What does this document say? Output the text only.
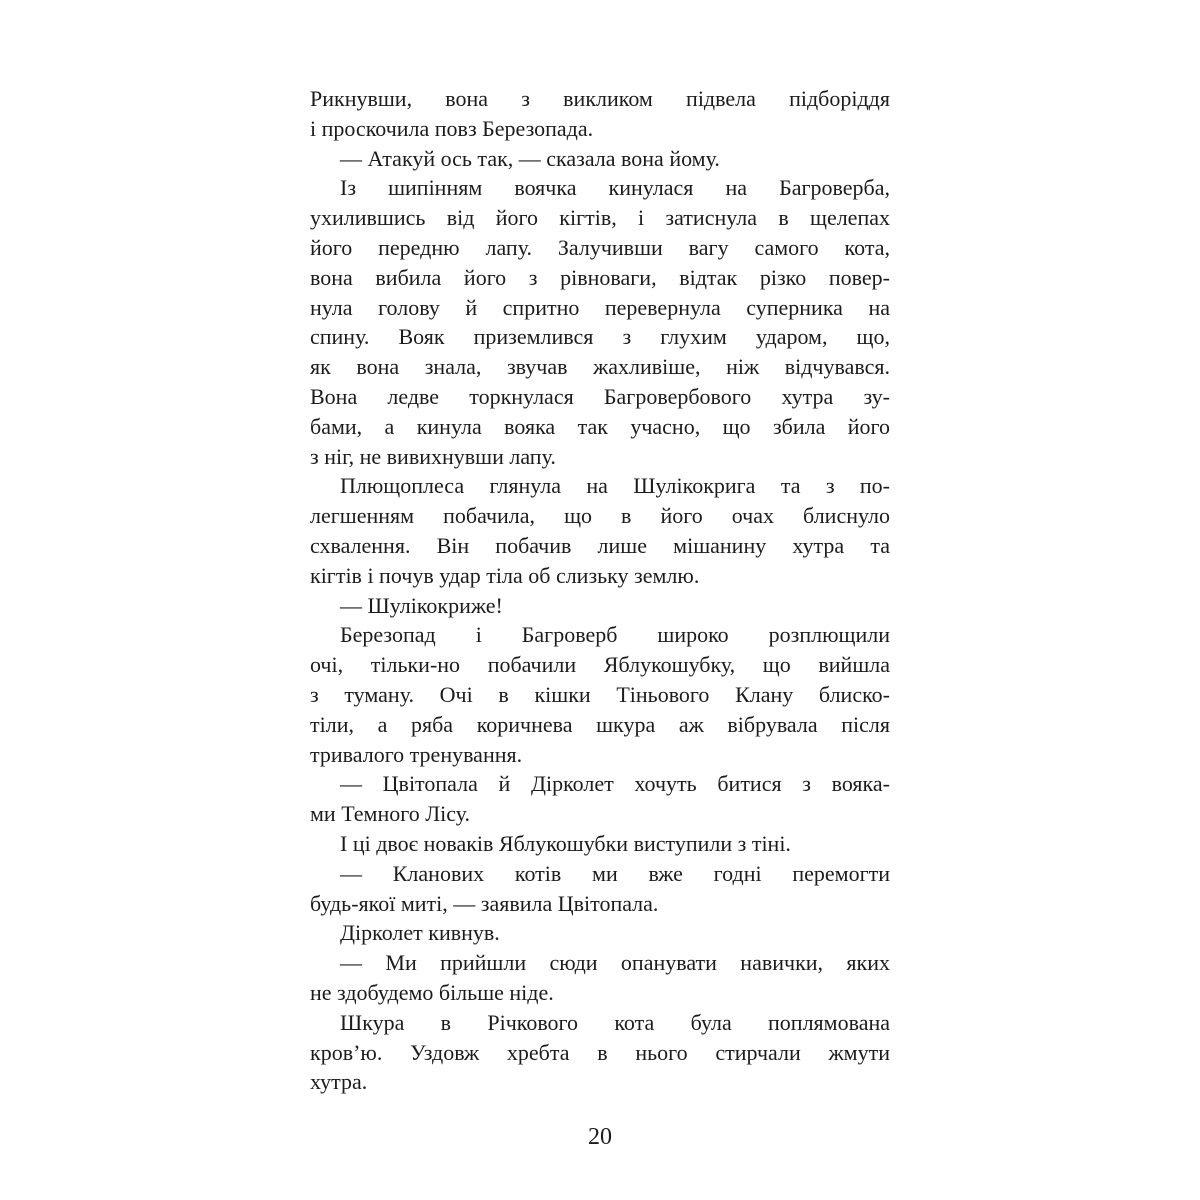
Рикнувши, вона з викликом підвела підборіддя
і проскочила повз Березопада.
— Атакуй ось так, — сказала вона йому.
Із шипінням воячка кинулася на Багроверба,
ухилившись від його кігтів, і затиснула в щелепах
його передню лапу. Залучивши вагу самого кота,
вона вибила його з рівноваги, відтак різко повер-
нула голову й спритно перевернула суперника на
спину. Вояк приземлився з глухим ударом, що,
як вона знала, звучав жахливіше, ніж відчувався.
Вона ледве торкнулася Багровербового хутра зу-
бами, а кинула вояка так учасно, що збила його
з ніг, не вивихнувши лапу.
Плющоплеса глянула на Шулікокрига та з по-
легшенням побачила, що в його очах блиснуло
схвалення. Він побачив лише мішанину хутра та
кігтів і почув удар тіла об слизьку землю.
— Шулікокриже!
Березопад і Багроверб широко розплющили
очі, тільки-но побачили Яблукошубку, що вийшла
з туману. Очі в кішки Тіньового Клану блиско-
тіли, а ряба коричнева шкура аж вібрувала після
тривалого тренування.
— Цвітопала й Дірколет хочуть битися з вояка-
ми Темного Лісу.
І ці двоє новаків Яблукошубки виступили з тіні.
— Кланових котів ми вже годні перемогти
будь-якої миті, — заявила Цвітопала.
Дірколет кивнув.
— Ми прийшли сюди опанувати навички, яких
не здобудемо більше ніде.
Шкура в Річкового кота була поплямована
кров’ю. Уздовж хребта в нього стирчали жмути
хутра.
20
